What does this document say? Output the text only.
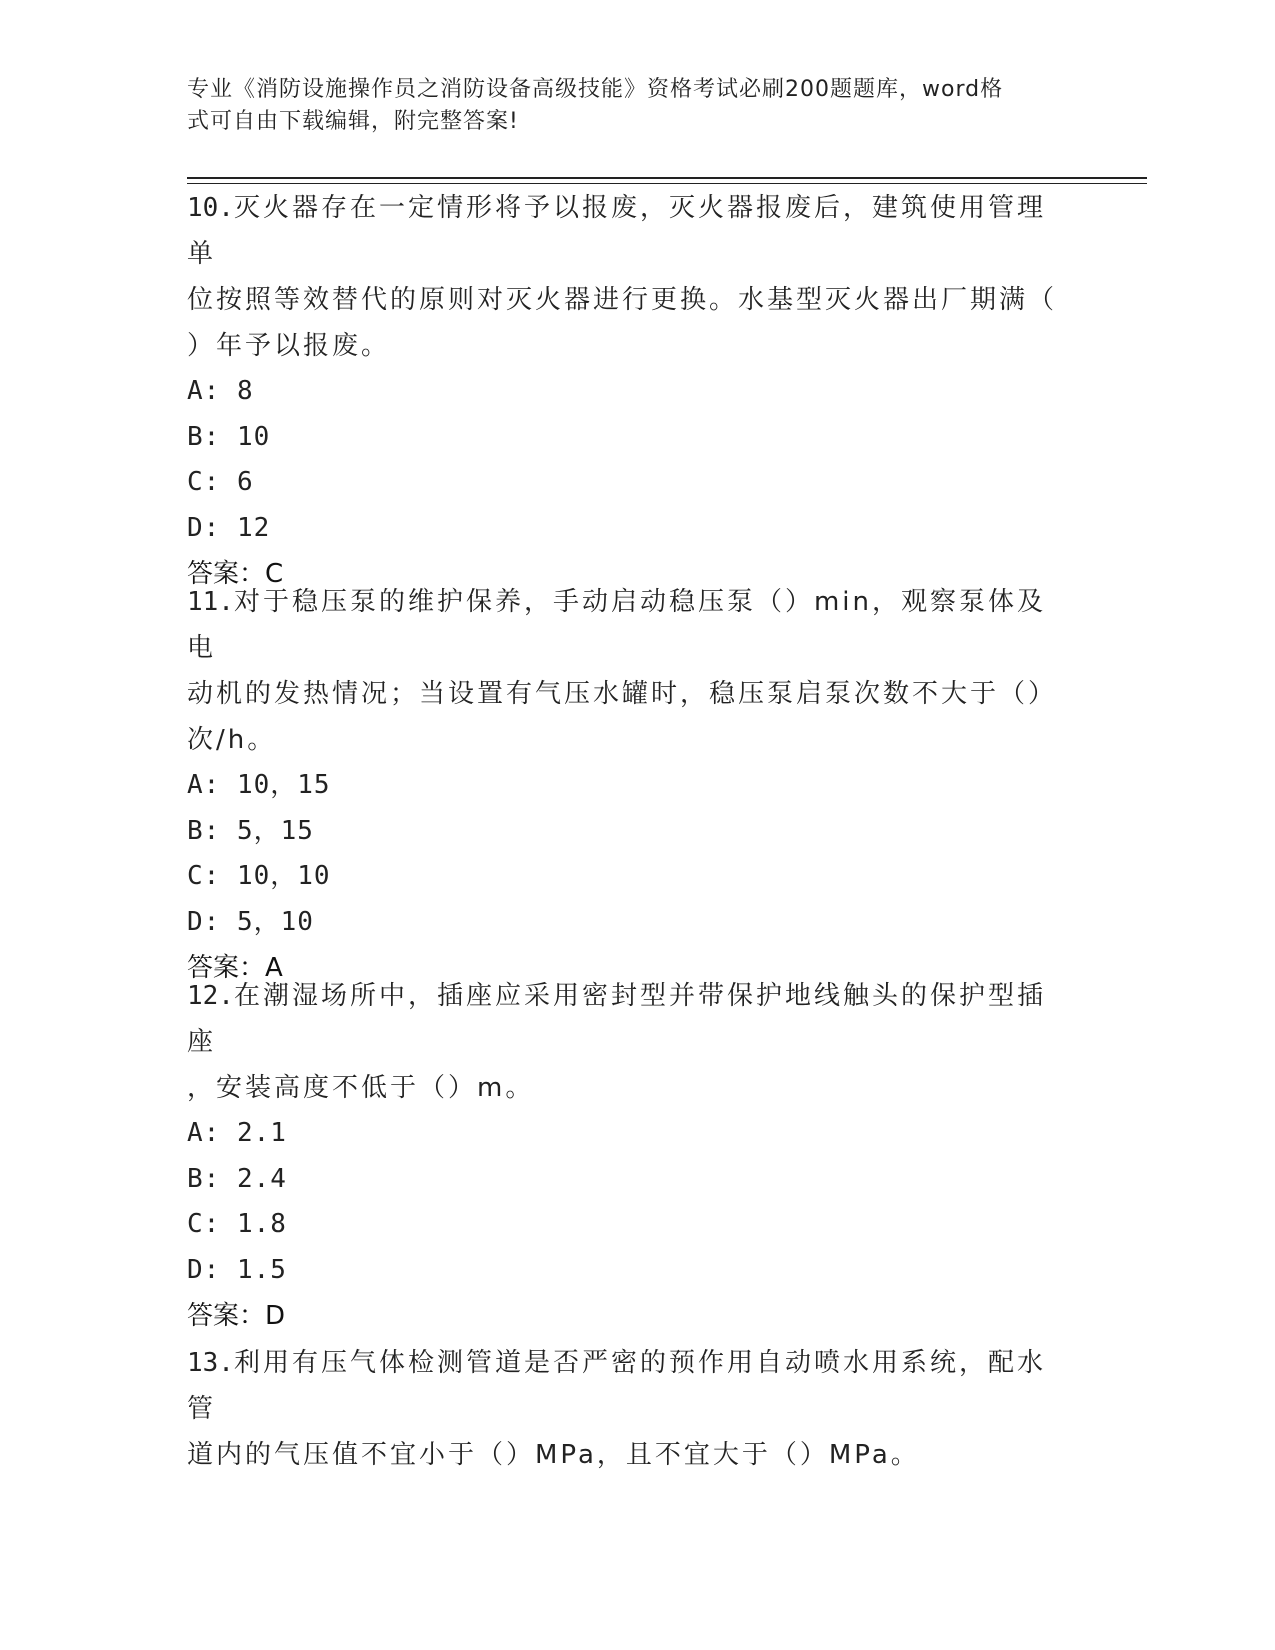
专业《消防设施操作员之消防设备高级技能》资格考试必刷200题题库，word格
式可自由下载编辑，附完整答案!

10.灭火器存在一定情形将予以报废，灭火器报废后，建筑使用管理单

位按照等效替代的原则对灭火器进行更换。水基型灭火器出厂期满（

）年予以报废。

A: 8

B: 10

C: 6

D: 12

答案：C

11.对于稳压泵的维护保养，手动启动稳压泵（）min，观察泵体及电

动机的发热情况；当设置有气压水罐时，稳压泵启泵次数不大于（）

次/h。

A: 10，15

B: 5，15

C: 10，10

D: 5，10

答案：A

12.在潮湿场所中，插座应采用密封型并带保护地线触头的保护型插座

，安装高度不低于（）m。

A: 2.1

B: 2.4

C: 1.8

D: 1.5

答案：D

13.利用有压气体检测管道是否严密的预作用自动喷水用系统，配水管

道内的气压值不宜小于（）MPa，且不宜大于（）MPa。
